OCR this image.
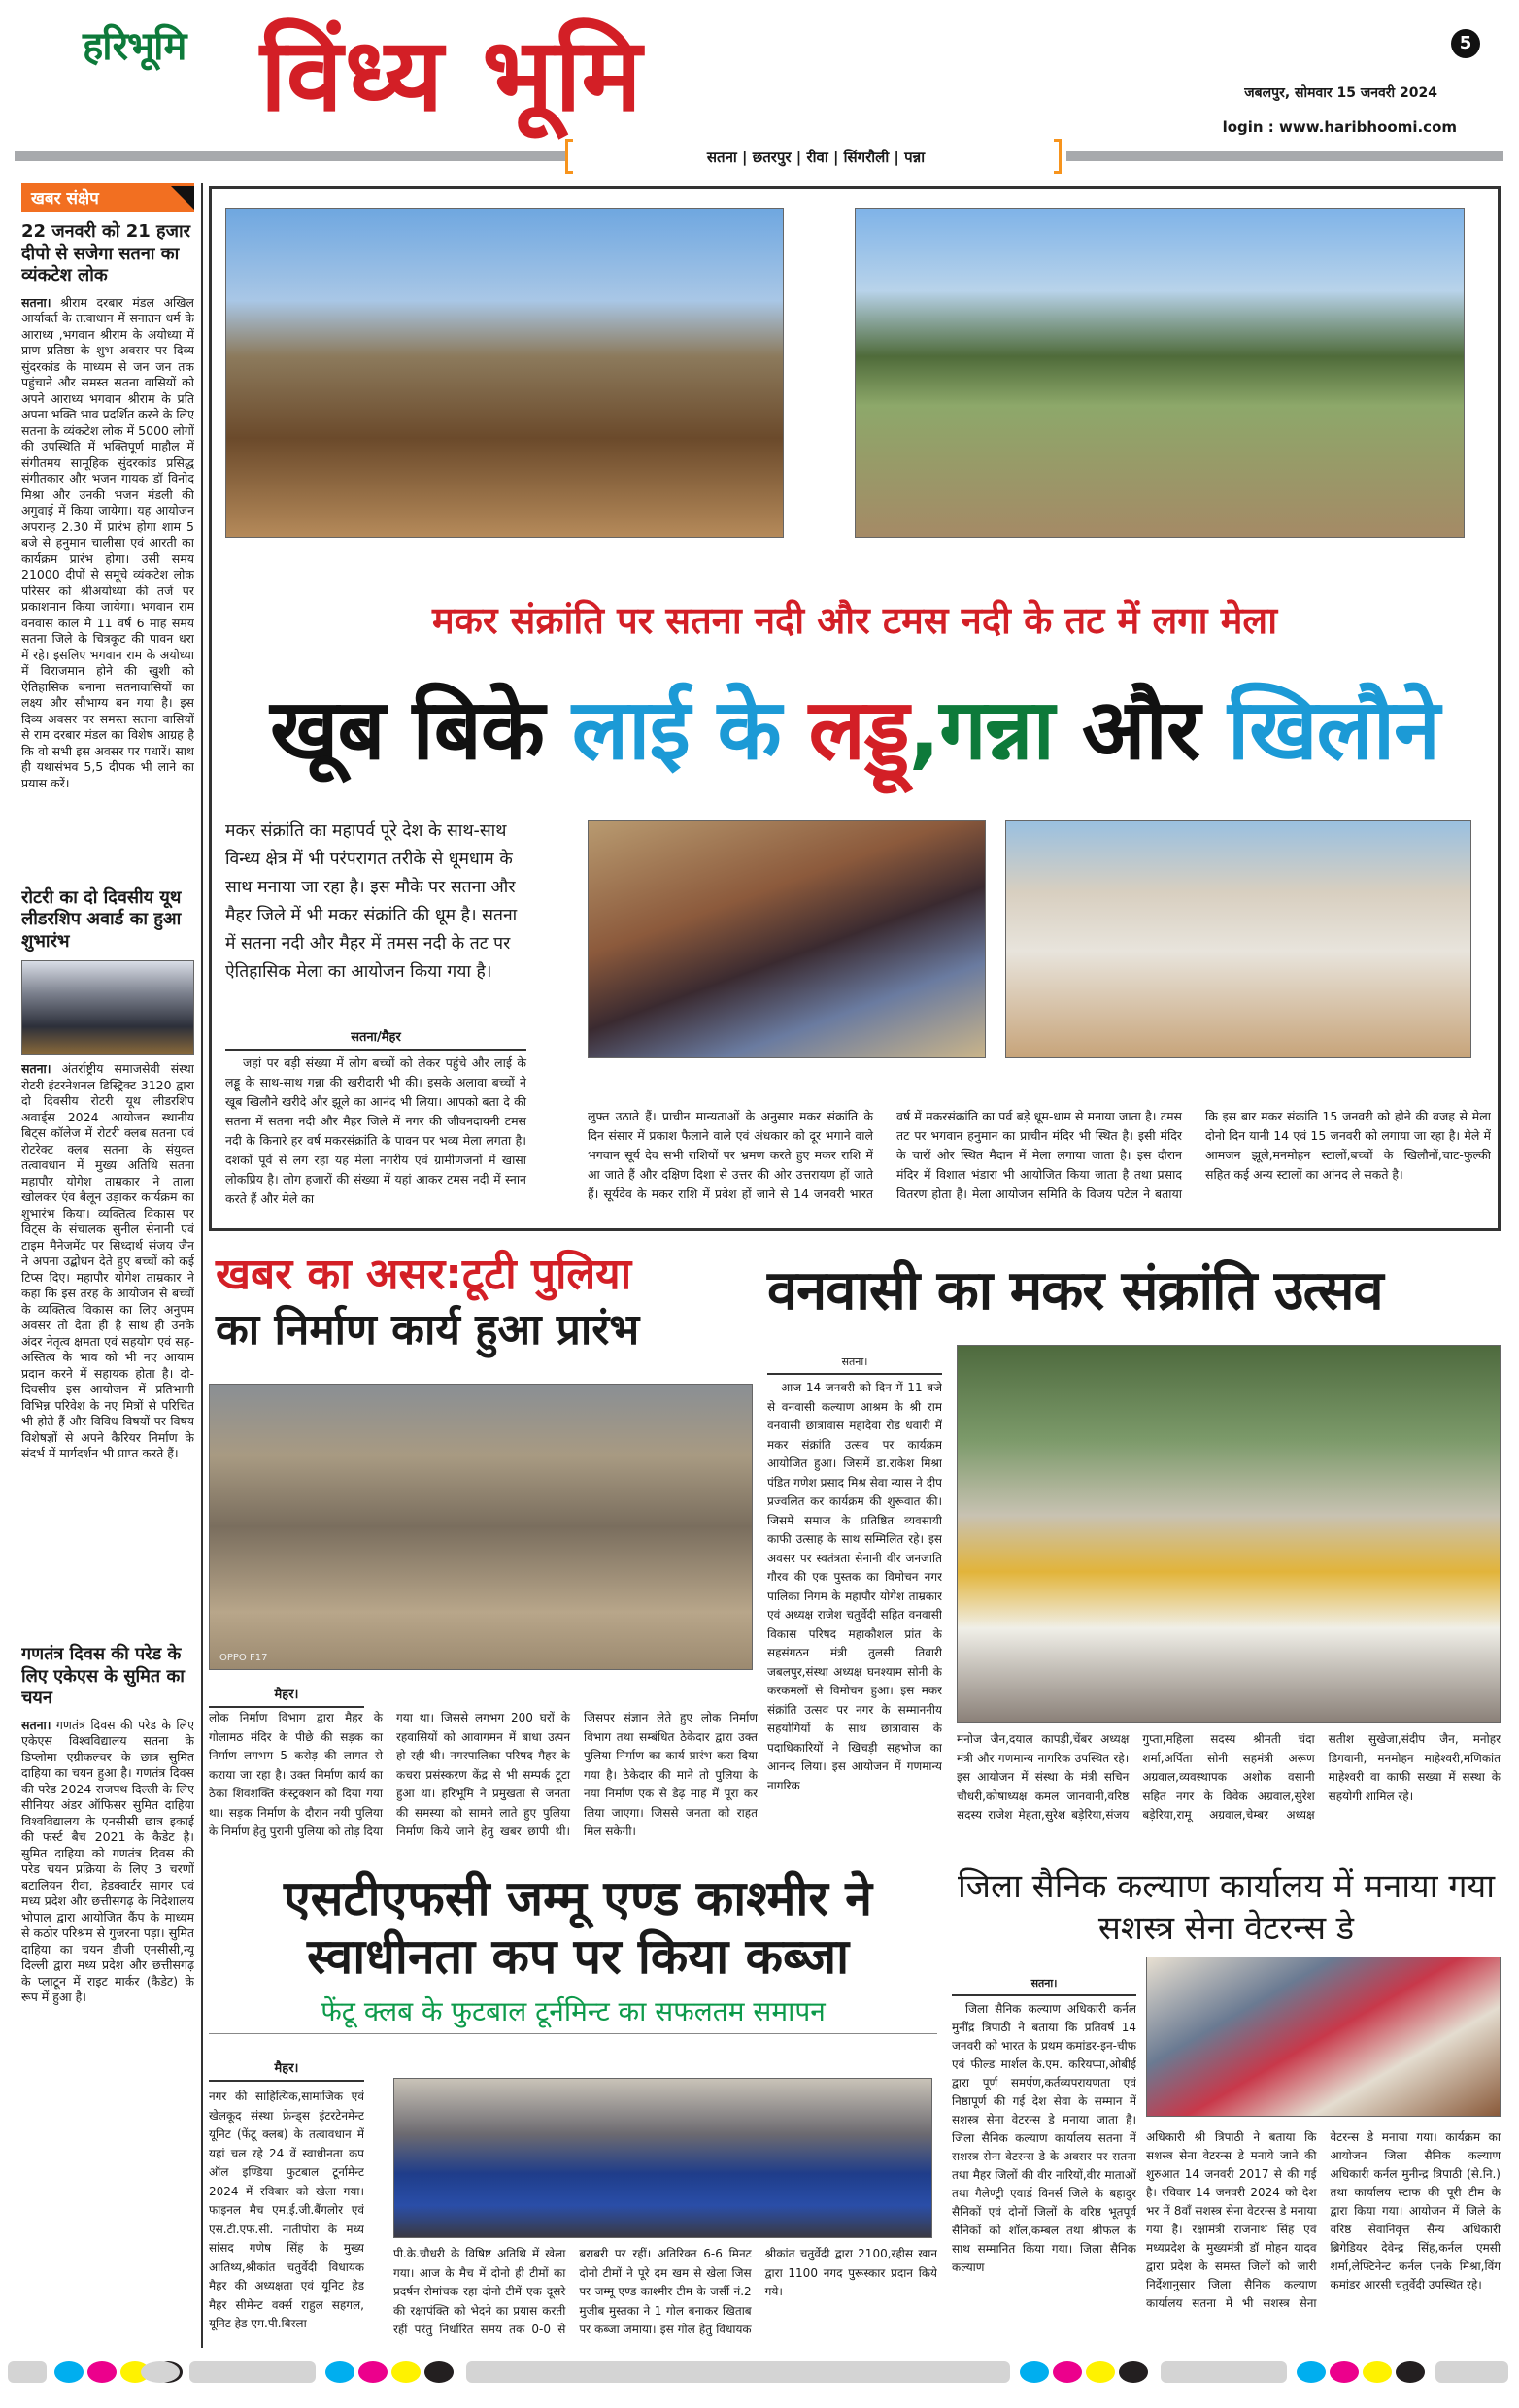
हरिभूमि विंध्य भूमि	5
जबलपुर, सोमवार 15 जनवरी 2024
login : www.haribhoomi.com
सतना | छतरपुर | रीवा | सिंगरौली | पन्ना
खबर संक्षेप
22 जनवरी को 21 हजार दीपो से सजेगा सतना का व्यंकटेश लोक

सतना। श्रीराम दरबार मंडल अखिल आर्यावर्त के तत्वाधान में सनातन धर्म के आराध्य ,भगवान श्रीराम के अयोध्या में प्राण प्रतिष्ठा के शुभ अवसर पर दिव्य सुंदरकांड के माध्यम से जन जन तक पहुंचाने और समस्त सतना वासियों को अपने आराध्य भगवान श्रीराम के प्रति अपना भक्ति भाव प्रदर्शित करने के लिए सतना के व्यंकटेश लोक में 5000 लोगों की उपस्थिति में भक्तिपूर्ण माहौल में संगीतमय सामूहिक सुंदरकांड प्रसिद्ध संगीतकार और भजन गायक डॉ विनोद मिश्रा और उनकी भजन मंडली की अगुवाई में किया जायेगा। यह आयोजन अपरान्ह 2.30 में प्रारंभ होगा शाम 5 बजे से हनुमान चालीसा एवं आरती का कार्यक्रम प्रारंभ होगा। उसी समय 21000 दीपों से समूचे व्यंकटेश लोक परिसर को श्रीअयोध्या की तर्ज पर प्रकाशमान किया जायेगा। भगवान राम वनवास काल मे 11 वर्ष 6 माह समय सतना जिले के चित्रकूट की पावन धरा में रहे। इसलिए भगवान राम के अयोध्या में विराजमान होने की खुशी को ऐतिहासिक बनाना सतनावासियों का लक्ष्य और सौभाग्य बन गया है। इस दिव्य अवसर पर समस्त सतना वासियों से राम दरबार मंडल का विशेष आग्रह है कि वो सभी इस अवसर पर पधारें। साथ ही यथासंभव 5,5 दीपक भी लाने का प्रयास करें।

रोटरी का दो दिवसीय यूथ लीडरशिप अवार्ड का हुआ शुभारंभ

सतना। अंतर्राष्ट्रीय समाजसेवी संस्था रोटरी इंटरनेशनल डिस्ट्रिक्ट 3120 द्वारा दो दिवसीय रोटरी यूथ लीडरशिप अवार्ड्स 2024 आयोजन स्थानीय बिट्स कॉलेज में रोटरी क्लब सतना एवं रोटरेक्ट क्लब सतना के संयुक्त तत्वावधान में मुख्य अतिथि सतना महापौर योगेश ताम्रकार ने ताला खोलकर एंव बैलून उड़ाकर कार्यक्रम का शुभारंभ किया। व्यक्तित्व विकास पर विट्स के संचालक सुनील सेनानी एवं टाइम मैनेजमेंट पर सिध्दार्थ संजय जैन ने अपना उद्बोधन देते हुए बच्चों को कई टिप्स दिए। महापौर योगेश ताम्रकार ने कहा कि इस तरह के आयोजन से बच्चों के व्यक्तित्व विकास का लिए अनुपम अवसर तो देता ही है साथ ही उनके अंदर नेतृत्व क्षमता एवं सहयोग एवं सह-अस्तित्व के भाव को भी नए आयाम प्रदान करने में सहायक होता है। दो-दिवसीय इस आयोजन में प्रतिभागी विभिन्न परिवेश के नए मित्रों से परिचित भी होते हैं और विविध विषयों पर विषय विशेषज्ञों से अपने कैरियर निर्माण के संदर्भ में मार्गदर्शन भी प्राप्त करते हैं।

गणतंत्र दिवस की परेड के लिए एकेएस के सुमित का चयन

सतना। गणतंत्र दिवस की परेड के लिए एकेएस विश्वविद्यालय सतना के डिप्लोमा एग्रीकल्चर के छात्र सुमित दाहिया का चयन हुआ है। गणतंत्र दिवस की परेड 2024 राजपथ दिल्ली के लिए सीनियर अंडर ऑफिसर सुमित दाहिया विश्वविद्यालय के एनसीसी छात्र इकाई की फर्स्ट बैच 2021 के कैडेट है। सुमित दाहिया को गणतंत्र दिवस की परेड चयन प्रक्रिया के लिए 3 चरणों बटालियन रीवा, हेडक्वार्टर सागर एवं मध्य प्रदेश और छत्तीसगढ़ के निदेशालय भोपाल द्वारा आयोजित कैंप के माध्यम से कठोर परिश्रम से गुजरना पड़ा। सुमित दाहिया का चयन डीजी एनसीसी,न्यू दिल्ली द्वारा मध्य प्रदेश और छत्तीसगढ़ के प्लाटून में राइट मार्कर (कैडेट) के रूप में हुआ है।

मकर संक्रांति पर सतना नदी और टमस नदी के तट में लगा मेला
खूब बिके लाई के लड्डू,गन्ना और खिलौने
मकर संक्रांति का महापर्व पूरे देश के साथ-साथ विन्ध्य क्षेत्र में भी परंपरागत तरीके से धूमधाम के साथ मनाया जा रहा है। इस मौके पर सतना और मैहर जिले में भी मकर संक्रांति की धूम है। सतना में सतना नदी और मैहर में तमस नदी के तट पर ऐतिहासिक मेला का आयोजन किया गया है।
सतना/मैहर
जहां पर बड़ी संख्या में लोग बच्चों को लेकर पहुंचे और लाई के लड्डू के साथ-साथ गन्ना की खरीदारी भी की। इसके अलावा बच्चों ने खूब खिलौने खरीदे और झूले का आनंद भी लिया। आपको बता दे की सतना में सतना नदी और मैहर जिले में नगर की जीवनदायनी टमस नदी के किनारे हर वर्ष मकरसंक्रांति के पावन पर भव्य मेला लगता है। दशकों पूर्व से लग रहा यह मेला नगरीय एवं ग्रामीणजनों में खासा लोकप्रिय है। लोग हजारों की संख्या में यहां आकर टमस नदी में स्नान करते हैं और मेले का
लुफ्त उठाते हैं। प्राचीन मान्यताओं के अनुसार मकर संक्रांति के दिन संसार में प्रकाश फैलाने वाले एवं अंधकार को दूर भगाने वाले भगवान सूर्य देव सभी राशियों पर भ्रमण करते हुए मकर राशि में आ जाते हैं और दक्षिण दिशा से उत्तर की ओर उत्तरायण हों जाते हैं। सूर्यदेव के मकर राशि में प्रवेश हों जाने से 14 जनवरी भारत वर्ष में मकरसंक्रांति का पर्व बड़े धूम-धाम से मनाया जाता है। टमस तट पर भगवान हनुमान का प्राचीन मंदिर भी स्थित है। इसी मंदिर के चारों ओर स्थित मैदान में मेला लगाया जाता है। इस दौरान मंदिर में विशाल भंडारा भी आयोजित किया जाता है तथा प्रसाद वितरण होता है। मेला आयोजन समिति के विजय पटेल ने बताया कि इस बार मकर संक्रांति 15 जनवरी को होने की वजह से मेला दोनो दिन यानी 14 एवं 15 जनवरी को लगाया जा रहा है। मेले में आमजन झूले,मनमोहन स्टालों,बच्चों के खिलौनों,चाट-फुल्की सहित कई अन्य स्टालों का आंनद ले सकते है।
खबर का असर:टूटी पुलिया
का निर्माण कार्य हुआ प्रारंभ
OPPO F17
मैहर।
लोक निर्माण विभाग द्वारा मैहर के गोलामठ मंदिर के पीछे की सड़क का निर्माण लगभग 5 करोड़ की लागत से कराया जा रहा है। उक्त निर्माण कार्य का ठेका शिवशक्ति कंस्ट्रक्शन को दिया गया था। सड़क निर्माण के दौरान नयी पुलिया के निर्माण हेतु पुरानी पुलिया को तोड़ दिया गया था। जिससे लगभग 200 घरों के रहवासियों को आवागमन में बाधा उत्पन हो रही थी। नगरपालिका परिषद मैहर के कचरा प्रसंस्करण केंद्र से भी सम्पर्क टूटा हुआ था। हरिभूमि ने प्रमुखता से जनता की समस्या को सामने लाते हुए पुलिया निर्माण किये जाने हेतु खबर छापी थी। जिसपर संज्ञान लेते हुए लोक निर्माण विभाग तथा सम्बंधित ठेकेदार द्वारा उक्त पुलिया निर्माण का कार्य प्रारंभ करा दिया गया है। ठेकेदार की माने तो पुलिया के नया निर्माण एक से डेढ़ माह में पूरा कर लिया जाएगा। जिससे जनता को राहत मिल सकेगी।
वनवासी का मकर संक्रांति उत्सव
सतना।
आज 14 जनवरी को दिन में 11 बजे से वनवासी कल्याण आश्रम के श्री राम वनवासी छात्रावास महादेवा रोड धवारी में मकर संक्रांति उत्सव पर कार्यक्रम आयोजित हुआ। जिसमें डा.राकेश मिश्रा पंडित गणेश प्रसाद मिश्र सेवा न्यास ने दीप प्रज्वलित कर कार्यक्रम की शुरूवात की। जिसमें समाज के प्रतिष्ठित व्यवसायी काफी उत्साह के साथ सम्मिलित रहे। इस अवसर पर स्वतंत्रता सेनानी वीर जनजाति गौरव की एक पुस्तक का विमोचन नगर पालिका निगम के महापौर योगेश ताम्रकार एवं अध्यक्ष राजेश चतुर्वेदी सहित वनवासी विकास परिषद महाकौशल प्रांत के सहसंगठन मंत्री तुलसी तिवारी जबलपुर,संस्था अध्यक्ष घनश्याम सोनी के करकमलों से विमोचन हुआ। इस मकर संक्रांति उत्सव पर नगर के सम्माननीय सहयोगियों के साथ छात्रावास के पदाधिकारियों ने खिचड़ी सहभोज का आनन्द लिया। इस आयोजन में गणमान्य नागरिक
मनोज जैन,दयाल कापड़ी,चेंबर अध्यक्ष मंत्री और गणमान्य नागरिक उपस्थित रहे। इस आयोजन में संस्था के मंत्री सचिन चौधरी,कोषाध्यक्ष कमल जानवानी,वरिष्ठ सदस्य राजेश मेहता,सुरेश बड़ेरिया,संजय गुप्ता,महिला सदस्य श्रीमती चंदा शर्मा,अर्पिता सोनी सहमंत्री अरूण अग्रवाल,व्यवस्थापक अशोक वसानी सहित नगर के विवेक अग्रवाल,सुरेश बड़ेरिया,रामू अग्रवाल,चेम्बर अध्यक्ष सतीश सुखेजा,संदीप जैन, मनोहर डिगवानी, मनमोहन माहेश्वरी,मणिकांत माहेश्वरी वा काफी सख्या में सस्था के सहयोगी शामिल रहे।
एसटीएफसी जम्मू एण्ड काश्मीर ने स्वाधीनता कप पर किया कब्जा
फेंटू क्लब के फुटबाल टूर्नमिन्ट का सफलतम समापन
मैहर।
नगर की साहित्यिक,सामाजिक एवं खेलकूद संस्था फ्रेन्ड्स इंटरटेनमेन्ट यूनिट (फेंटू क्लब) के तत्वावधान में यहां चल रहे 24 वें स्वाधीनता कप ऑल इण्डिया फुटबाल टूर्नामेन्ट 2024 में रविबार को खेला गया।फाइनल मैच एम.ई.जी.बैंगलोर एवं एस.टी.एफ.सी. नातीपोरा के मध्य सांसद गणेष सिंह के मुख्य आतिथ्य,श्रीकांत चतुर्वेदी विधायक मैहर की अध्यक्षता एवं यूनिट हेड मैहर सीमेन्ट वर्क्स राहुल सहगल, यूनिट हेड एम.पी.बिरला
पी.के.चौधरी के विषिष्ट अतिथि में खेला गया। आज के मैच में दोनो ही टीमों का प्रदर्षन रोमांचक रहा दोनो टीमें एक दूसरे की रक्षापंक्ति को भेदने का प्रयास करती रहीं परंतु निर्धारित समय तक 0-0 से बराबरी पर रहीं। अतिरिक्त 6-6 मिनट दोनो टीमों ने पूरे दम खम से खेला जिस पर जम्मू एण्ड काश्मीर टीम के जर्सी नं.2 मुजीब मुस्तका ने 1 गोल बनाकर खिताब पर कब्जा जमाया। इस गोल हेतु विधायक श्रीकांत चतुर्वेदी द्वारा 2100,रहीस खान द्वारा 1100 नगद पुरूस्कार प्रदान किये गये।
जिला सैनिक कल्याण कार्यालय में मनाया गया सशस्त्र सेना वेटरन्स डे
सतना।
जिला सैनिक कल्याण अधिकारी कर्नल मुनींद्र त्रिपाठी ने बताया कि प्रतिवर्ष 14 जनवरी को भारत के प्रथम कमांडर-इन-चीफ एवं फील्ड मार्शल के.एम. करियप्पा,ओबीई द्वारा पूर्ण समर्पण,कर्तव्यपरायणता एवं निष्ठापूर्ण की गई देश सेवा के सम्मान में सशस्त्र सेना वेटरन्स डे मनाया जाता है। जिला सैनिक कल्याण कार्यालय सतना में सशस्त्र सेना वेटरन्स डे के अवसर पर सतना तथा मैहर जिलों की वीर नारियों,वीर माताओं तथा गैलेण्ट्री एवार्ड विनर्स जिले के बहादुर सैनिकों एवं दोनों जिलों के वरिष्ठ भूतपूर्व सैनिकों को शॉल,कम्बल तथा श्रीफल के साथ सम्मानित किया गया। जिला सैनिक कल्याण
अधिकारी श्री त्रिपाठी ने बताया कि सशस्त्र सेना वेटरन्स डे मनाये जाने की शुरुआत 14 जनवरी 2017 से की गई है। रविवार 14 जनवरी 2024 को देश भर में 8वाँ सशस्त्र सेना वेटरन्स डे मनाया गया है। रक्षामंत्री राजनाथ सिंह एवं मध्यप्रदेश के मुख्यमंत्री डॉ मोहन यादव द्वारा प्रदेश के समस्त जिलों को जारी निर्देशानुसार जिला सैनिक कल्याण कार्यालय सतना में भी सशस्त्र सेना वेटरन्स डे मनाया गया। कार्यक्रम का आयोजन जिला सैनिक कल्याण अधिकारी कर्नल मुनीन्द्र त्रिपाठी (से.नि.) तथा कार्यालय स्टाफ की पूरी टीम के द्वारा किया गया। आयोजन में जिले के वरिष्ठ सेवानिवृत्त सैन्य अधिकारी ब्रिगेडियर देवेन्द्र सिंह,कर्नल एमसी शर्मा,लेफ्टिनेन्ट कर्नल एनके मिश्रा,विंग कमांडर आरसी चतुर्वेदी उपस्थित रहे।
